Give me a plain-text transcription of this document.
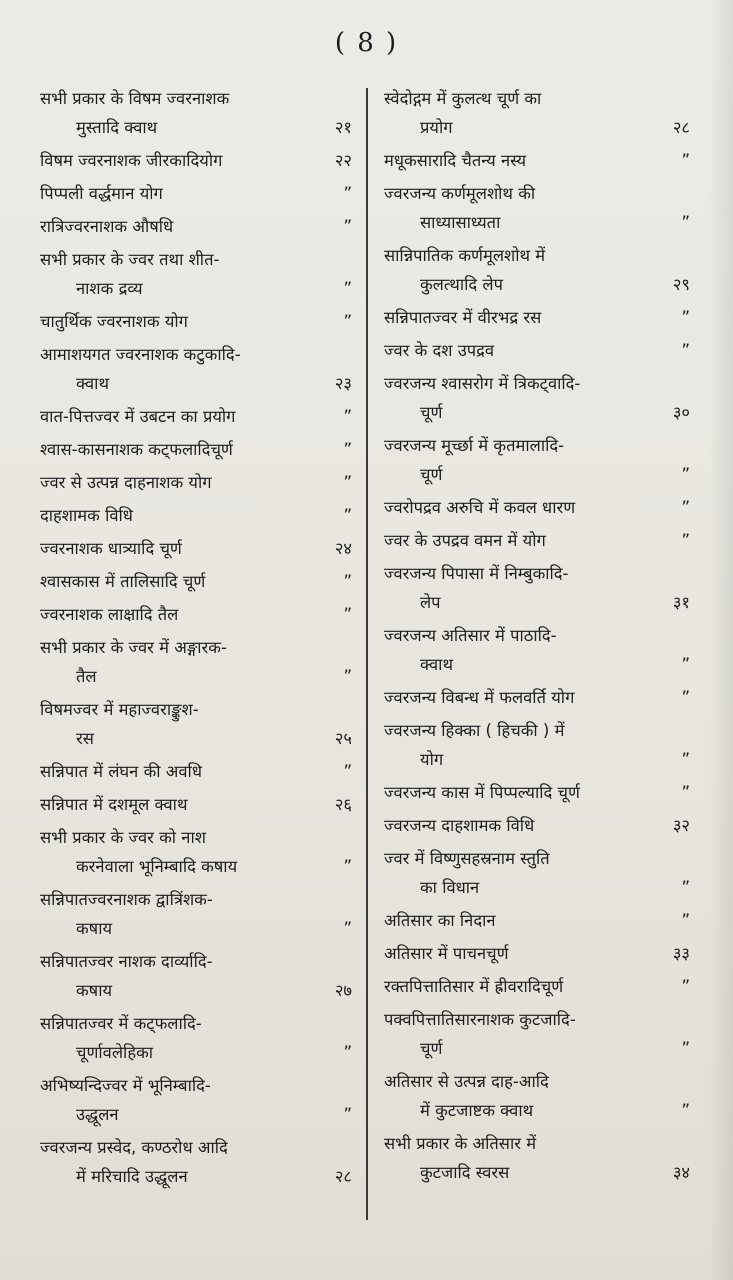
( 8 )
सभी प्रकार के विषम ज्वरनाशक
मुस्तादि क्वाथ	२१
विषम ज्वरनाशक जीरकादियोग	२२
पिप्पली वर्द्धमान योग	”
रात्रिज्वरनाशक औषधि	”
सभी प्रकार के ज्वर तथा शीत-
नाशक द्रव्य	”
चातुर्थिक ज्वरनाशक योग	”
आमाशयगत ज्वरनाशक कटुकादि-
क्वाथ	२३
वात-पित्तज्वर में उबटन का प्रयोग	”
श्वास-कासनाशक कट्फलादिचूर्ण	”
ज्वर से उत्पन्न दाहनाशक योग	”
दाहशामक विधि	”
ज्वरनाशक धात्र्यादि चूर्ण	२४
श्वासकास में तालिसादि चूर्ण	”
ज्वरनाशक लाक्षादि तैल	”
सभी प्रकार के ज्वर में अङ्गारक-
तैल	”
विषमज्वर में महाज्वराङ्कुश-
रस	२५
सन्निपात में लंघन की अवधि	”
सन्निपात में दशमूल क्वाथ	२६
सभी प्रकार के ज्वर को नाश
करनेवाला भूनिम्बादि कषाय	”
सन्निपातज्वरनाशक द्वात्रिंशक-
कषाय	”
सन्निपातज्वर नाशक दार्व्यादि-
कषाय	२७
सन्निपातज्वर में कट्फलादि-
चूर्णावलेहिका	”
अभिष्यन्दिज्वर में भूनिम्बादि-
उद्धूलन	”
ज्वरजन्य प्रस्वेद, कण्ठरोध आदि
में मरिचादि उद्धूलन	२८
स्वेदोद्गम में कुलत्थ चूर्ण का
प्रयोग	२८
मधूकसारादि चैतन्य नस्य	”
ज्वरजन्य कर्णमूलशोथ की
साध्यासाध्यता	”
सान्निपातिक कर्णमूलशोथ में
कुलत्थादि लेप	२९
सन्निपातज्वर में वीरभद्र रस	”
ज्वर के दश उपद्रव	”
ज्वरजन्य श्वासरोग में त्रिकट्वादि-
चूर्ण	३०
ज्वरजन्य मूर्च्छा में कृतमालादि-
चूर्ण	”
ज्वरोपद्रव अरुचि में कवल धारण	”
ज्वर के उपद्रव वमन में योग	”
ज्वरजन्य पिपासा में निम्बुकादि-
लेप	३१
ज्वरजन्य अतिसार में पाठादि-
क्वाथ	”
ज्वरजन्य विबन्ध में फलवर्ति योग	”
ज्वरजन्य हिक्का ( हिचकी ) में
योग	”
ज्वरजन्य कास में पिप्पल्यादि चूर्ण	”
ज्वरजन्य दाहशामक विधि	३२
ज्वर में विष्णुसहस्रनाम स्तुति
का विधान	”
अतिसार का निदान	”
अतिसार में पाचनचूर्ण	३३
रक्तपित्तातिसार में ह्रीवरादिचूर्ण	”
पक्वपित्तातिसारनाशक कुटजादि-
चूर्ण	”
अतिसार से उत्पन्न दाह-आदि
में कुटजाष्टक क्वाथ	”
सभी प्रकार के अतिसार में
कुटजादि स्वरस	३४
